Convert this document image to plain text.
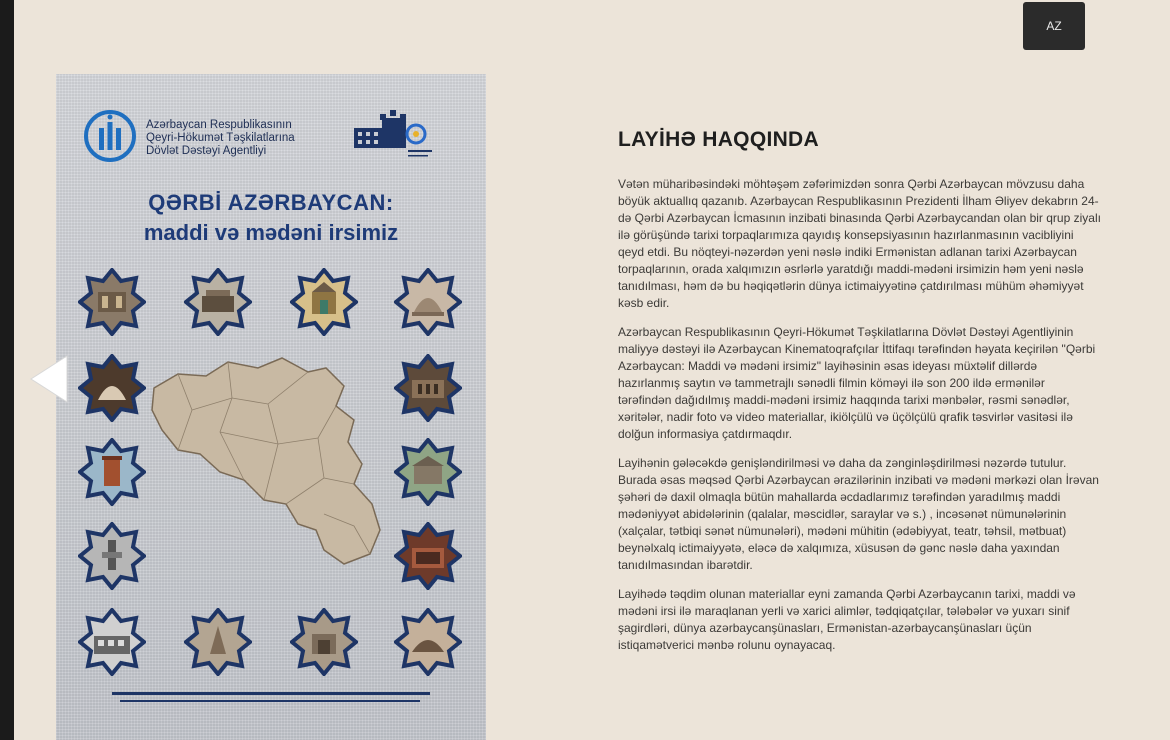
AZ
Azərbaycan Respublikasının
Qeyri-Hökumət Təşkilatlarına
Dövlət Dəstəyi Agentliyi
QƏRBİ AZƏRBAYCAN:
maddi və mədəni irsimiz
LAYİHƏ HAQQINDA

Vətən müharibəsindəki möhtəşəm zəfərimizdən sonra Qərbi Azərbaycan mövzusu daha
böyük aktuallıq qazanıb. Azərbaycan Respublikasının Prezidenti İlham Əliyev dekabrın 24-
də Qərbi Azərbaycan İcmasının inzibati binasında Qərbi Azərbaycandan olan bir qrup ziyalı
ilə görüşündə tarixi torpaqlarımıza qayıdış konsepsiyasının hazırlanmasının vacibliyini
qeyd etdi. Bu nöqteyi-nəzərdən yeni nəslə indiki Ermənistan adlanan tarixi Azərbaycan
torpaqlarının, orada xalqımızın əsrlərlə yaratdığı maddi-mədəni irsimizin həm yeni nəslə
tanıdılması, həm də bu həqiqətlərin dünya ictimaiyyətinə çatdırılması mühüm əhəmiyyət
kəsb edir.

Azərbaycan Respublikasının Qeyri-Hökumət Təşkilatlarına Dövlət Dəstəyi Agentliyinin
maliyyə dəstəyi ilə Azərbaycan Kinematoqrafçılar İttifaqı tərəfindən həyata keçirilən "Qərbi
Azərbaycan: Maddi və mədəni irsimiz" layihəsinin əsas ideyası müxtəlif dillərdə
hazırlanmış saytın və tammetrajlı sənədli filmin köməyi ilə son 200 ildə ermənilər
tərəfindən dağıdılmış maddi-mədəni irsimiz haqqında tarixi mənbələr, rəsmi sənədlər,
xəritələr, nadir foto və video materiallar, ikiölçülü və üçölçülü qrafik təsvirlər vasitəsi ilə
dolğun informasiya çatdırmaqdır.

Layihənin gələcəkdə genişləndirilməsi və daha da zənginləşdirilməsi nəzərdə tutulur.
Burada əsas məqsəd Qərbi Azərbaycan ərazilərinin inzibati və mədəni mərkəzi olan İrəvan
şəhəri də daxil olmaqla bütün mahallarda əcdadlarımız tərəfindən yaradılmış maddi
mədəniyyət abidələrinin (qalalar, məscidlər, saraylar və s.) , incəsənət nümunələrinin
(xalçalar, tətbiqi sənət nümunələri), mədəni mühitin (ədəbiyyat, teatr, təhsil, mətbuat)
beynəlxalq ictimaiyyətə, eləcə də xalqımıza, xüsusən də gənc nəslə daha yaxından
tanıdılmasından ibarətdir.

Layihədə təqdim olunan materiallar eyni zamanda Qərbi Azərbaycanın tarixi, maddi və
mədəni irsi ilə maraqlanan yerli və xarici alimlər, tədqiqatçılar, tələbələr və yuxarı sinif
şagirdləri, dünya azərbaycanşünasları, Ermənistan-azərbaycanşünasları üçün
istiqamətverici mənbə rolunu oynayacaq.
